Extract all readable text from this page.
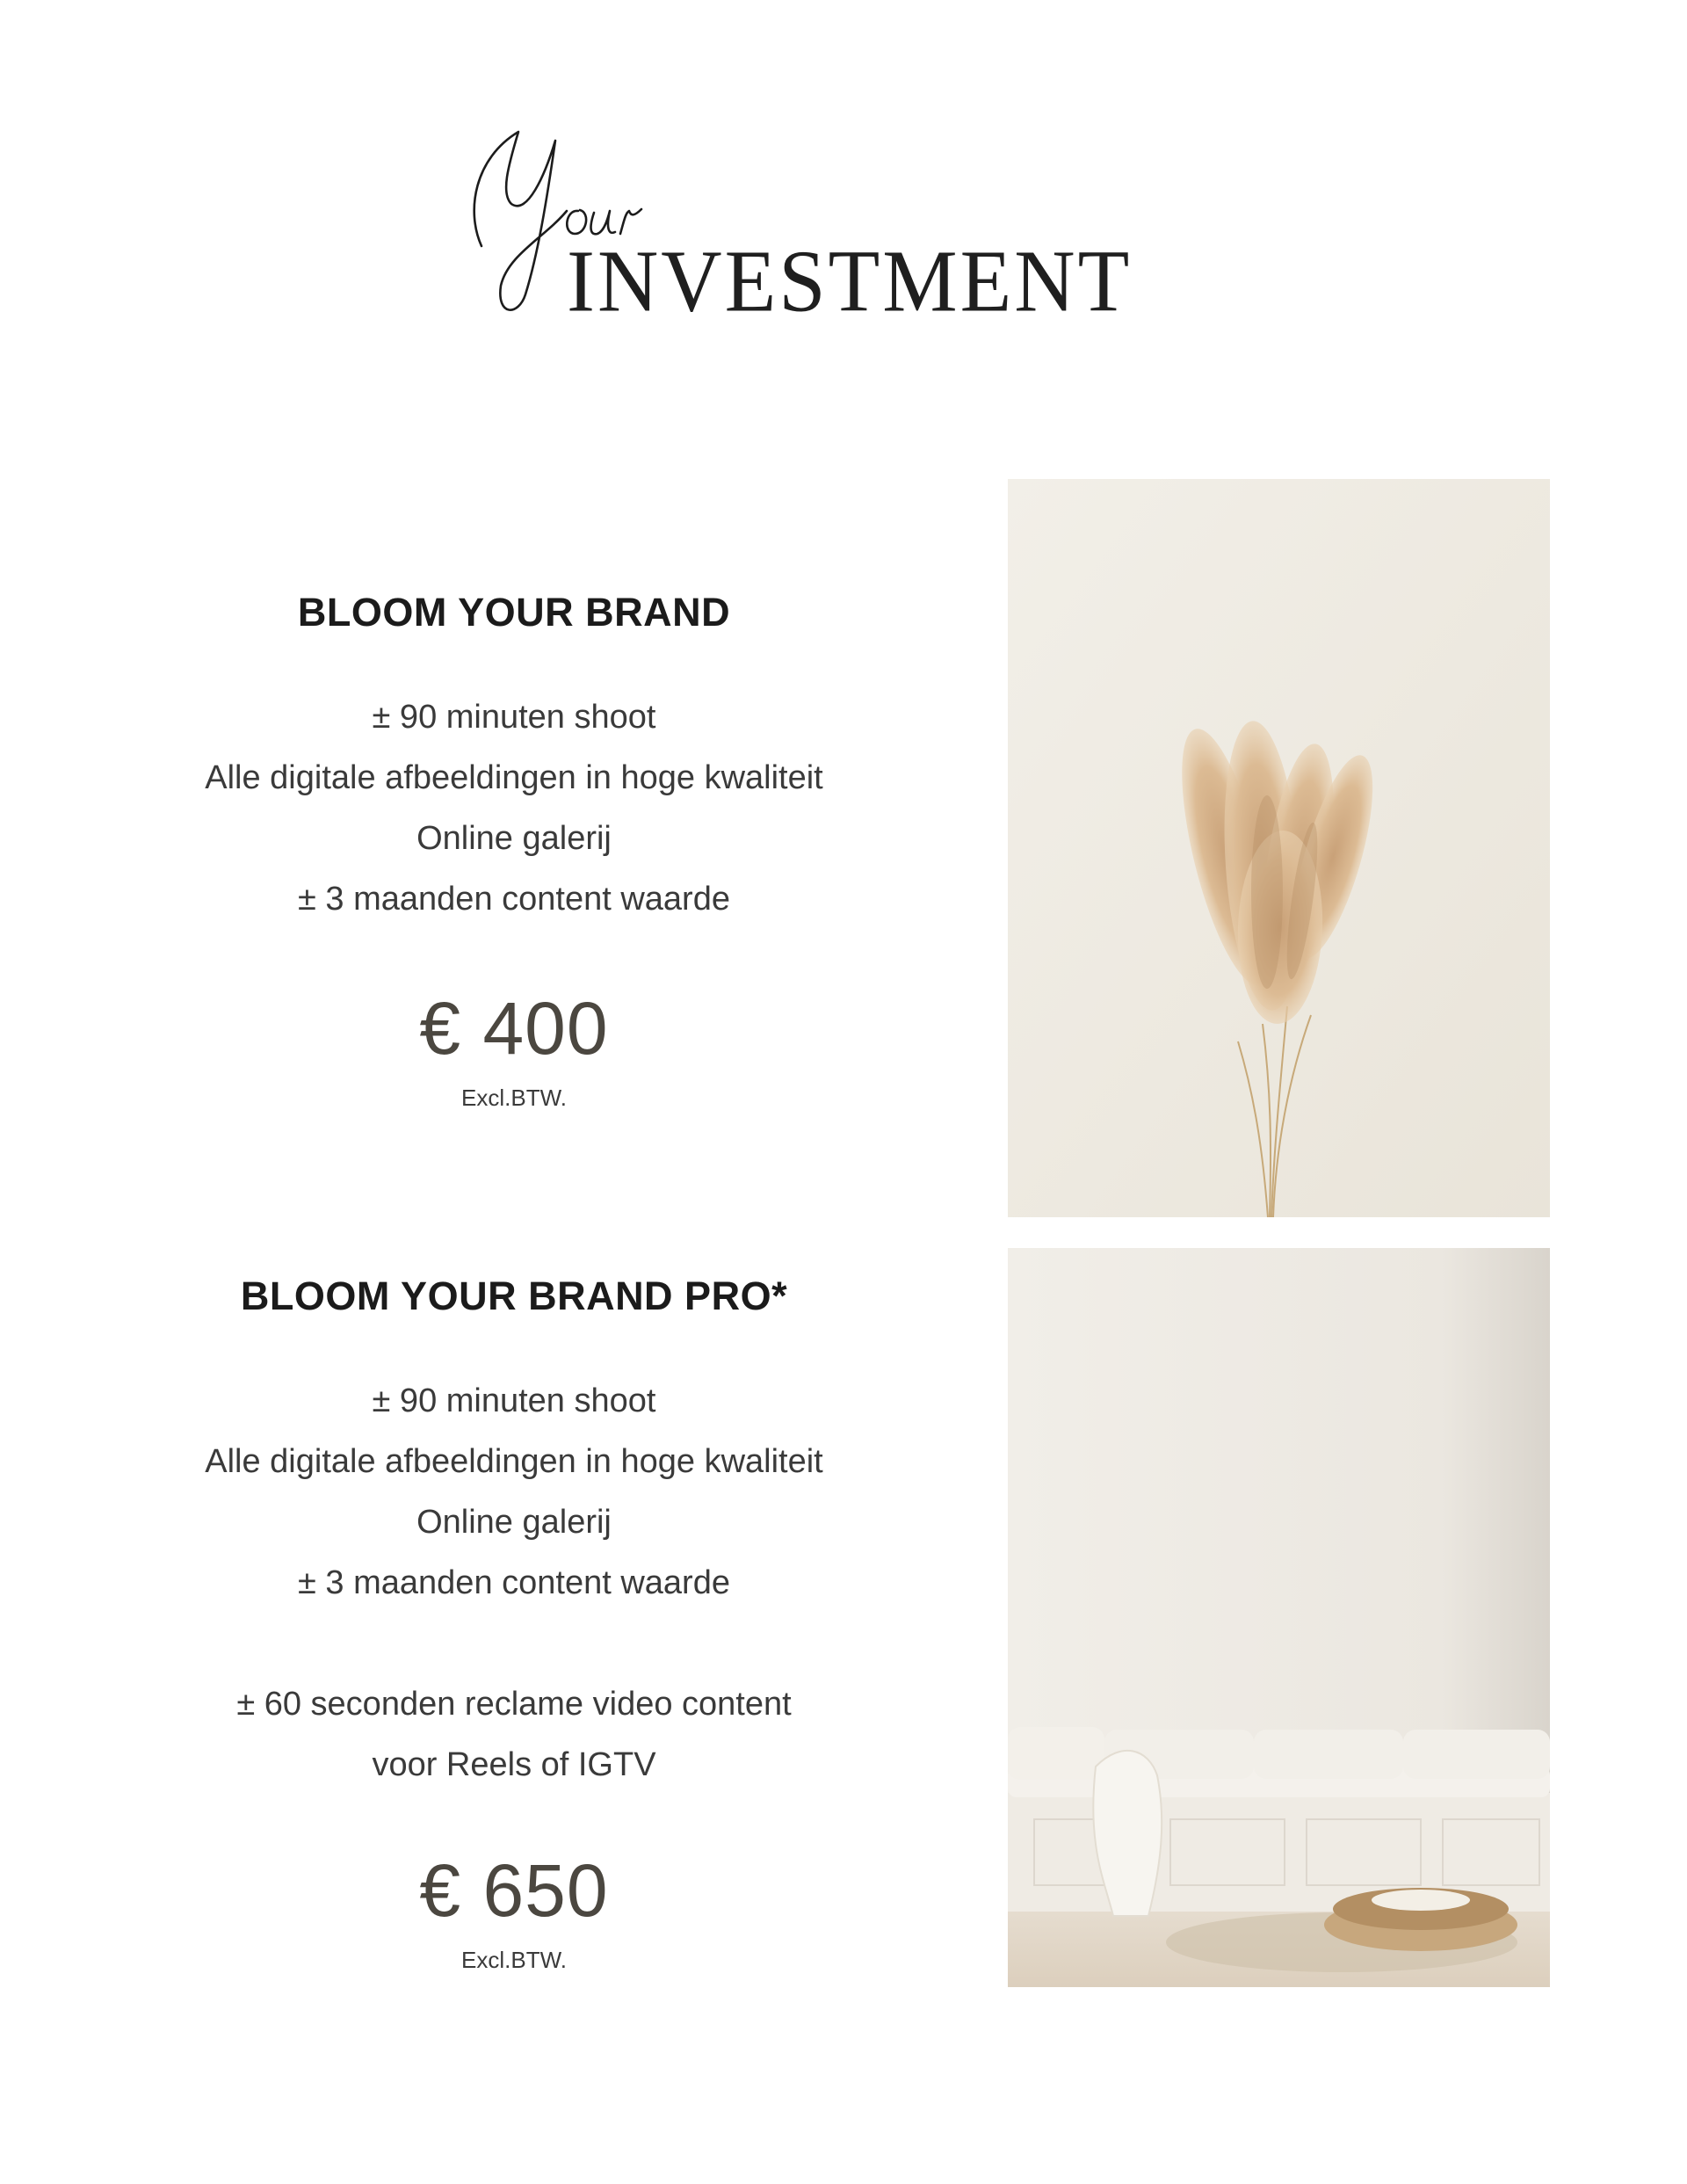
INVESTMENT
BLOOM YOUR BRAND
± 90 minuten shoot
Alle digitale afbeeldingen in hoge kwaliteit
Online galerij
± 3 maanden content waarde
€ 400
Excl.BTW.
BLOOM YOUR BRAND PRO*
± 90 minuten shoot
Alle digitale afbeeldingen in hoge kwaliteit
Online galerij
± 3 maanden content waarde
± 60 seconden reclame video content
voor Reels of IGTV
€ 650
Excl.BTW.
